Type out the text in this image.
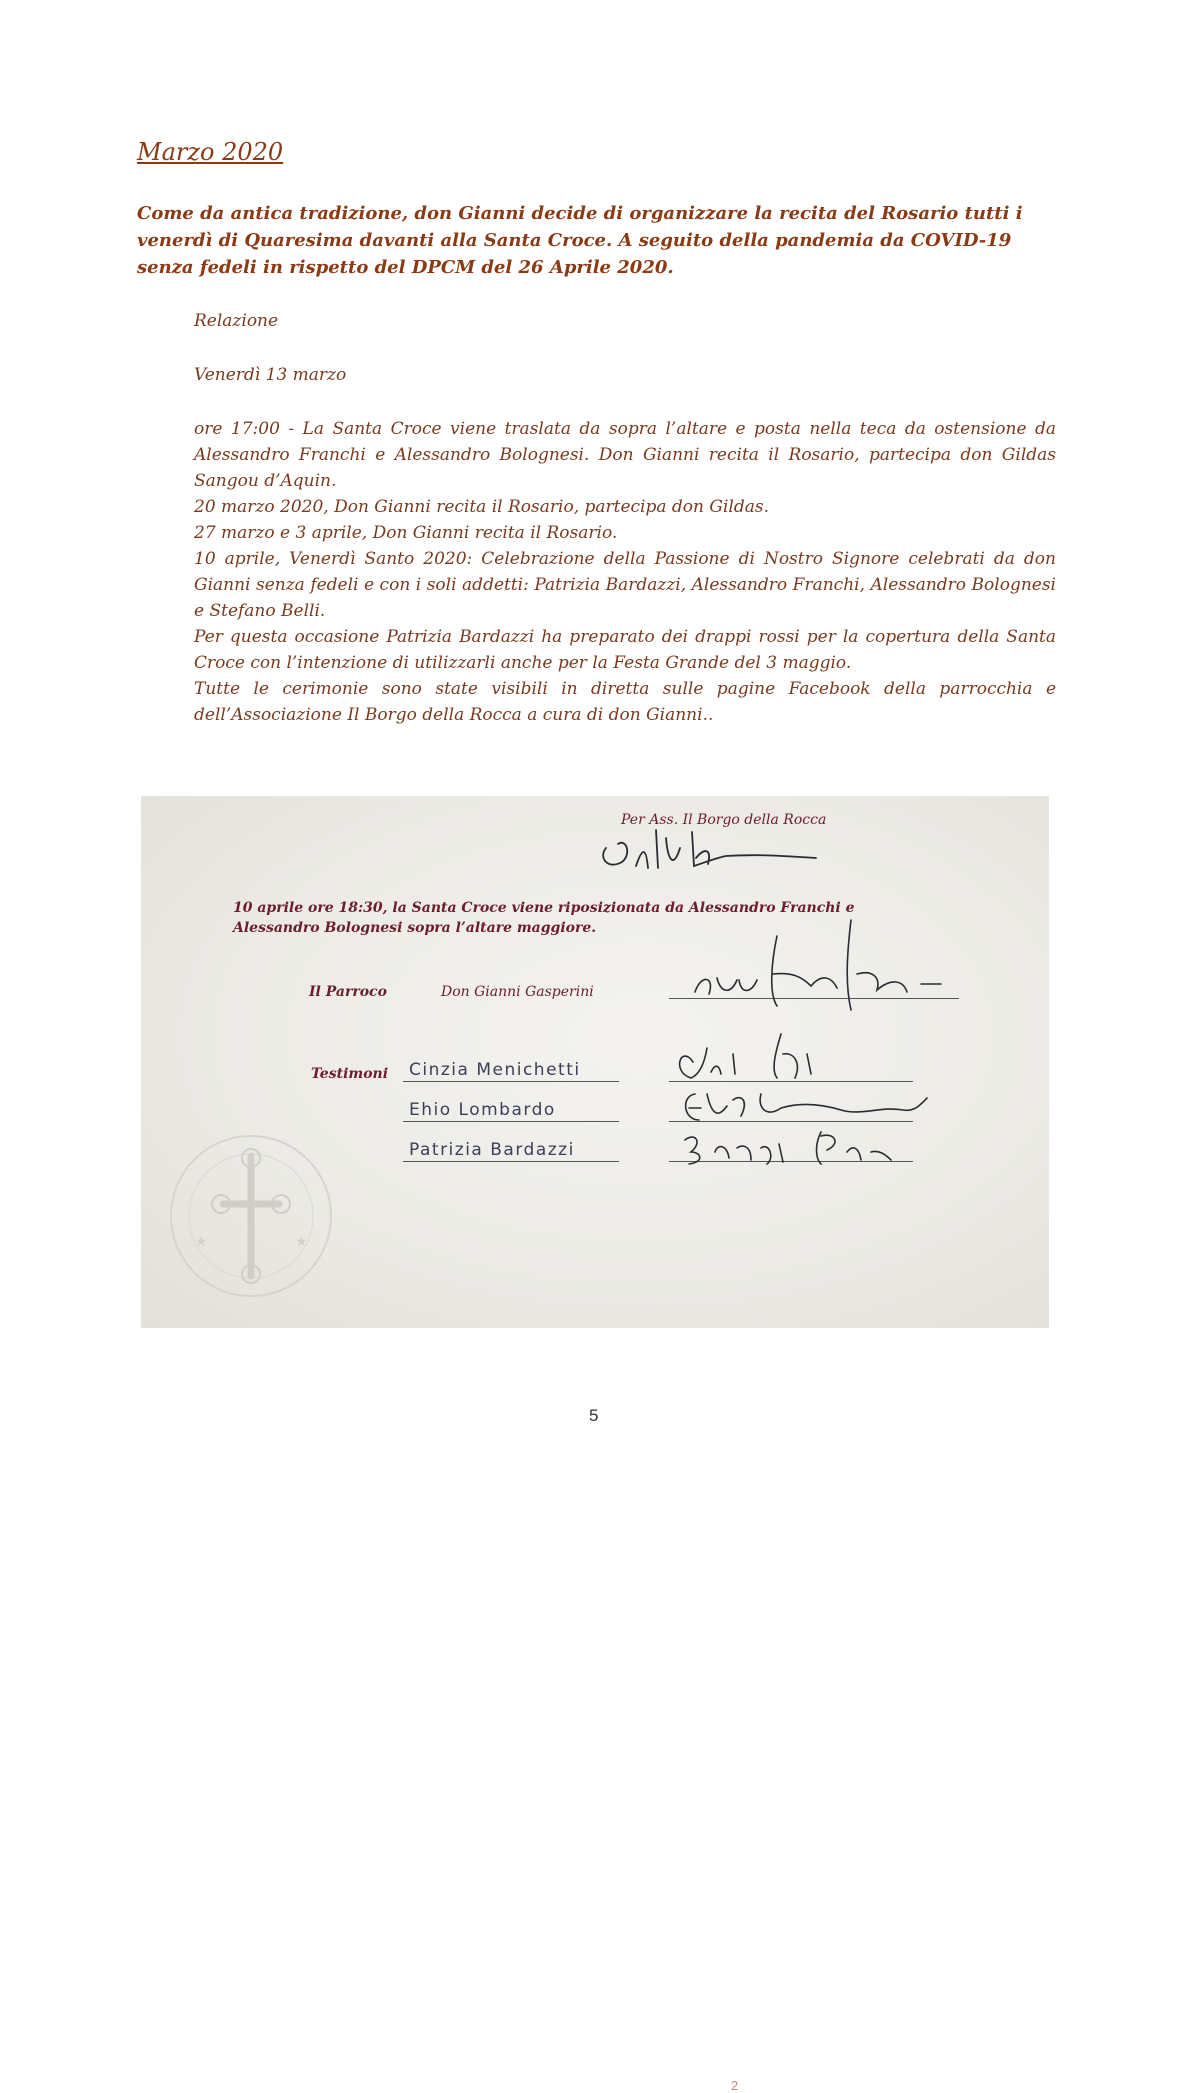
Marzo 2020

Come da antica tradizione, don Gianni decide di organizzare la recita del Rosario tutti i venerdì di Quaresima davanti alla Santa Croce. A seguito della pandemia da COVID-19 senza fedeli in rispetto del DPCM del 26 Aprile 2020.

Relazione

Venerdì 13 marzo

ore 17:00 - La Santa Croce viene traslata da sopra l’altare e posta nella teca da ostensione da Alessandro Franchi e Alessandro Bolognesi. Don Gianni recita il Rosario, partecipa don Gildas Sangou d’Aquin.

20 marzo 2020, Don Gianni recita il Rosario, partecipa don Gildas.

27 marzo e 3 aprile, Don Gianni recita il Rosario.

10 aprile, Venerdì Santo 2020: Celebrazione della Passione di Nostro Signore celebrati da don Gianni senza fedeli e con i soli addetti: Patrizia Bardazzi, Alessandro Franchi, Alessandro Bolognesi e Stefano Belli.

Per questa occasione Patrizia Bardazzi ha preparato dei drappi rossi per la copertura della Santa Croce con l’intenzione di utilizzarli anche per la Festa Grande del 3 maggio.

Tutte le cerimonie sono state visibili in diretta sulle pagine Facebook della parrocchia e dell’Associazione Il Borgo della Rocca a cura di don Gianni..

Per Ass. Il Borgo della Rocca
10 aprile ore 18:30, la Santa Croce viene riposizionata da Alessandro Franchi e
Alessandro Bolognesi sopra l’altare maggiore.
Il Parroco	Don Gianni Gasperini
Testimoni Cinzia Menichetti
Ehio Lombardo
Patrizia Bardazzi
★	★
2
5
